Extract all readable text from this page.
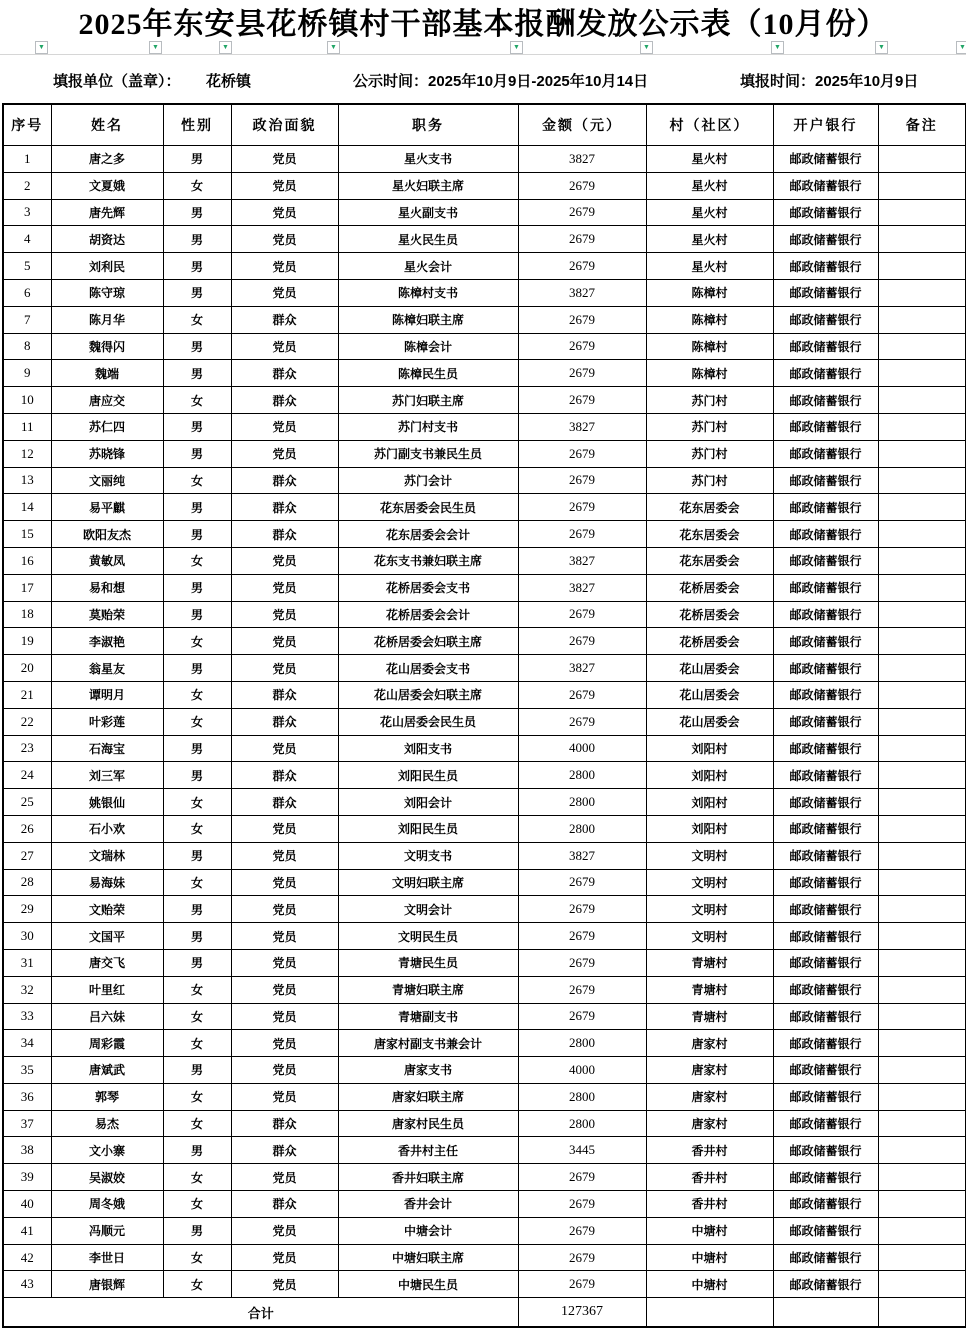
2025年东安县花桥镇村干部基本报酬发放公示表（10月份）
▼	▼	▼	▼	▼	▼	▼	▼	▼
填报单位（盖章）： 花桥镇	公示时间：2025年10月9日-2025年10月14日	填报时间：2025年10月9日
序号	姓名	性别	政治面貌	职务	金额（元）	村（社区）	开户银行	备注
1	唐之多	男	党员	星火支书	3827	星火村	邮政储蓄银行	
2	文夏娥	女	党员	星火妇联主席	2679	星火村	邮政储蓄银行	
3	唐先辉	男	党员	星火副支书	2679	星火村	邮政储蓄银行	
4	胡资达	男	党员	星火民生员	2679	星火村	邮政储蓄银行	
5	刘利民	男	党员	星火会计	2679	星火村	邮政储蓄银行	
6	陈守琼	男	党员	陈樟村支书	3827	陈樟村	邮政储蓄银行	
7	陈月华	女	群众	陈樟妇联主席	2679	陈樟村	邮政储蓄银行	
8	魏得闪	男	党员	陈樟会计	2679	陈樟村	邮政储蓄银行	
9	魏端	男	群众	陈樟民生员	2679	陈樟村	邮政储蓄银行	
10	唐应交	女	群众	苏门妇联主席	2679	苏门村	邮政储蓄银行	
11	苏仁四	男	党员	苏门村支书	3827	苏门村	邮政储蓄银行	
12	苏晓锋	男	党员	苏门副支书兼民生员	2679	苏门村	邮政储蓄银行	
13	文丽纯	女	群众	苏门会计	2679	苏门村	邮政储蓄银行	
14	易平麒	男	群众	花东居委会民生员	2679	花东居委会	邮政储蓄银行	
15	欧阳友杰	男	群众	花东居委会会计	2679	花东居委会	邮政储蓄银行	
16	黄敏凤	女	党员	花东支书兼妇联主席	3827	花东居委会	邮政储蓄银行	
17	易和想	男	党员	花桥居委会支书	3827	花桥居委会	邮政储蓄银行	
18	莫贻荣	男	党员	花桥居委会会计	2679	花桥居委会	邮政储蓄银行	
19	李淑艳	女	党员	花桥居委会妇联主席	2679	花桥居委会	邮政储蓄银行	
20	翁星友	男	党员	花山居委会支书	3827	花山居委会	邮政储蓄银行	
21	谭明月	女	群众	花山居委会妇联主席	2679	花山居委会	邮政储蓄银行	
22	叶彩莲	女	群众	花山居委会民生员	2679	花山居委会	邮政储蓄银行	
23	石海宝	男	党员	刘阳支书	4000	刘阳村	邮政储蓄银行	
24	刘三军	男	群众	刘阳民生员	2800	刘阳村	邮政储蓄银行	
25	姚银仙	女	群众	刘阳会计	2800	刘阳村	邮政储蓄银行	
26	石小欢	女	党员	刘阳民生员	2800	刘阳村	邮政储蓄银行	
27	文瑞林	男	党员	文明支书	3827	文明村	邮政储蓄银行	
28	易海妹	女	党员	文明妇联主席	2679	文明村	邮政储蓄银行	
29	文贻荣	男	党员	文明会计	2679	文明村	邮政储蓄银行	
30	文国平	男	党员	文明民生员	2679	文明村	邮政储蓄银行	
31	唐交飞	男	党员	青塘民生员	2679	青塘村	邮政储蓄银行	
32	叶里红	女	党员	青塘妇联主席	2679	青塘村	邮政储蓄银行	
33	吕六妹	女	党员	青塘副支书	2679	青塘村	邮政储蓄银行	
34	周彩霞	女	党员	唐家村副支书兼会计	2800	唐家村	邮政储蓄银行	
35	唐斌武	男	党员	唐家支书	4000	唐家村	邮政储蓄银行	
36	郭琴	女	党员	唐家妇联主席	2800	唐家村	邮政储蓄银行	
37	易杰	女	群众	唐家村民生员	2800	唐家村	邮政储蓄银行	
38	文小寨	男	群众	香井村主任	3445	香井村	邮政储蓄银行	
39	吴淑姣	女	党员	香井妇联主席	2679	香井村	邮政储蓄银行	
40	周冬娥	女	群众	香井会计	2679	香井村	邮政储蓄银行	
41	冯顺元	男	党员	中塘会计	2679	中塘村	邮政储蓄银行	
42	李世日	女	党员	中塘妇联主席	2679	中塘村	邮政储蓄银行	
43	唐银辉	女	党员	中塘民生员	2679	中塘村	邮政储蓄银行	
合计					127367			
